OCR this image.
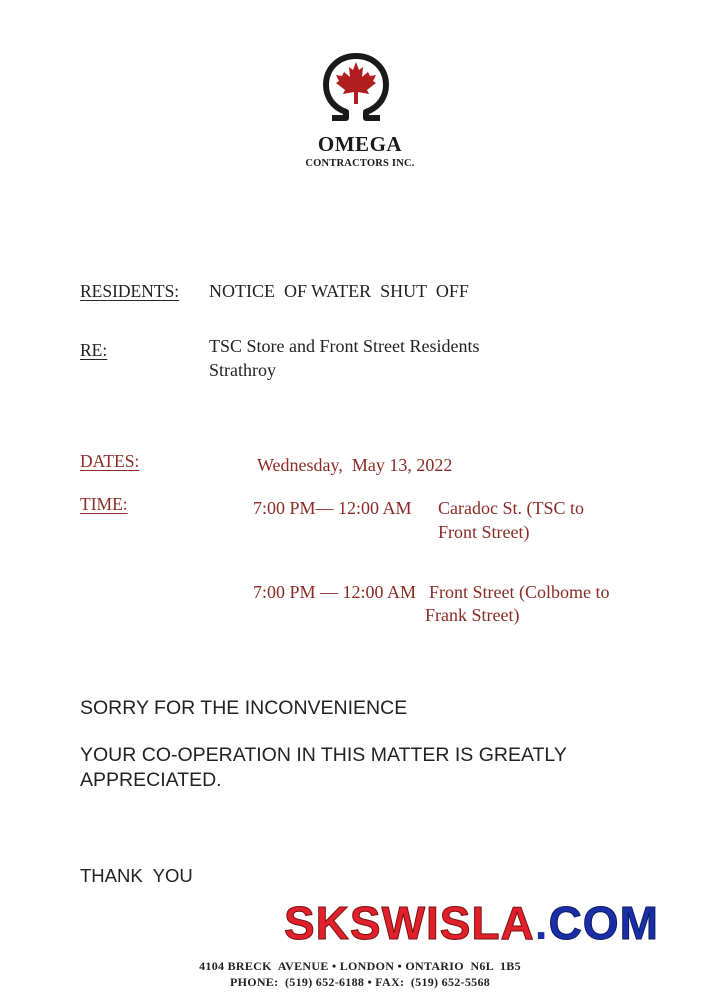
OMEGA
CONTRACTORS INC.
RESIDENTS: NOTICE  OF WATER  SHUT  OFF
RE:	TSC Store and Front Street Residents
Strathroy
DATES:	Wednesday,  May 13, 2022
TIME:	7:00 PM— 12:00 AM Caradoc St. (TSC to
Front Street)
7:00 PM — 12:00 AM Front Street (Colbome to
Frank Street)
SORRY FOR THE INCONVENIENCE
YOUR CO-OPERATION IN THIS MATTER IS GREATLY
APPRECIATED.
THANK  YOU
SKSWISLA.COM
4104 BRECK  AVENUE • LONDON • ONTARIO  N6L  1B5
PHONE:  (519) 652-6188 • FAX:  (519) 652-5568
